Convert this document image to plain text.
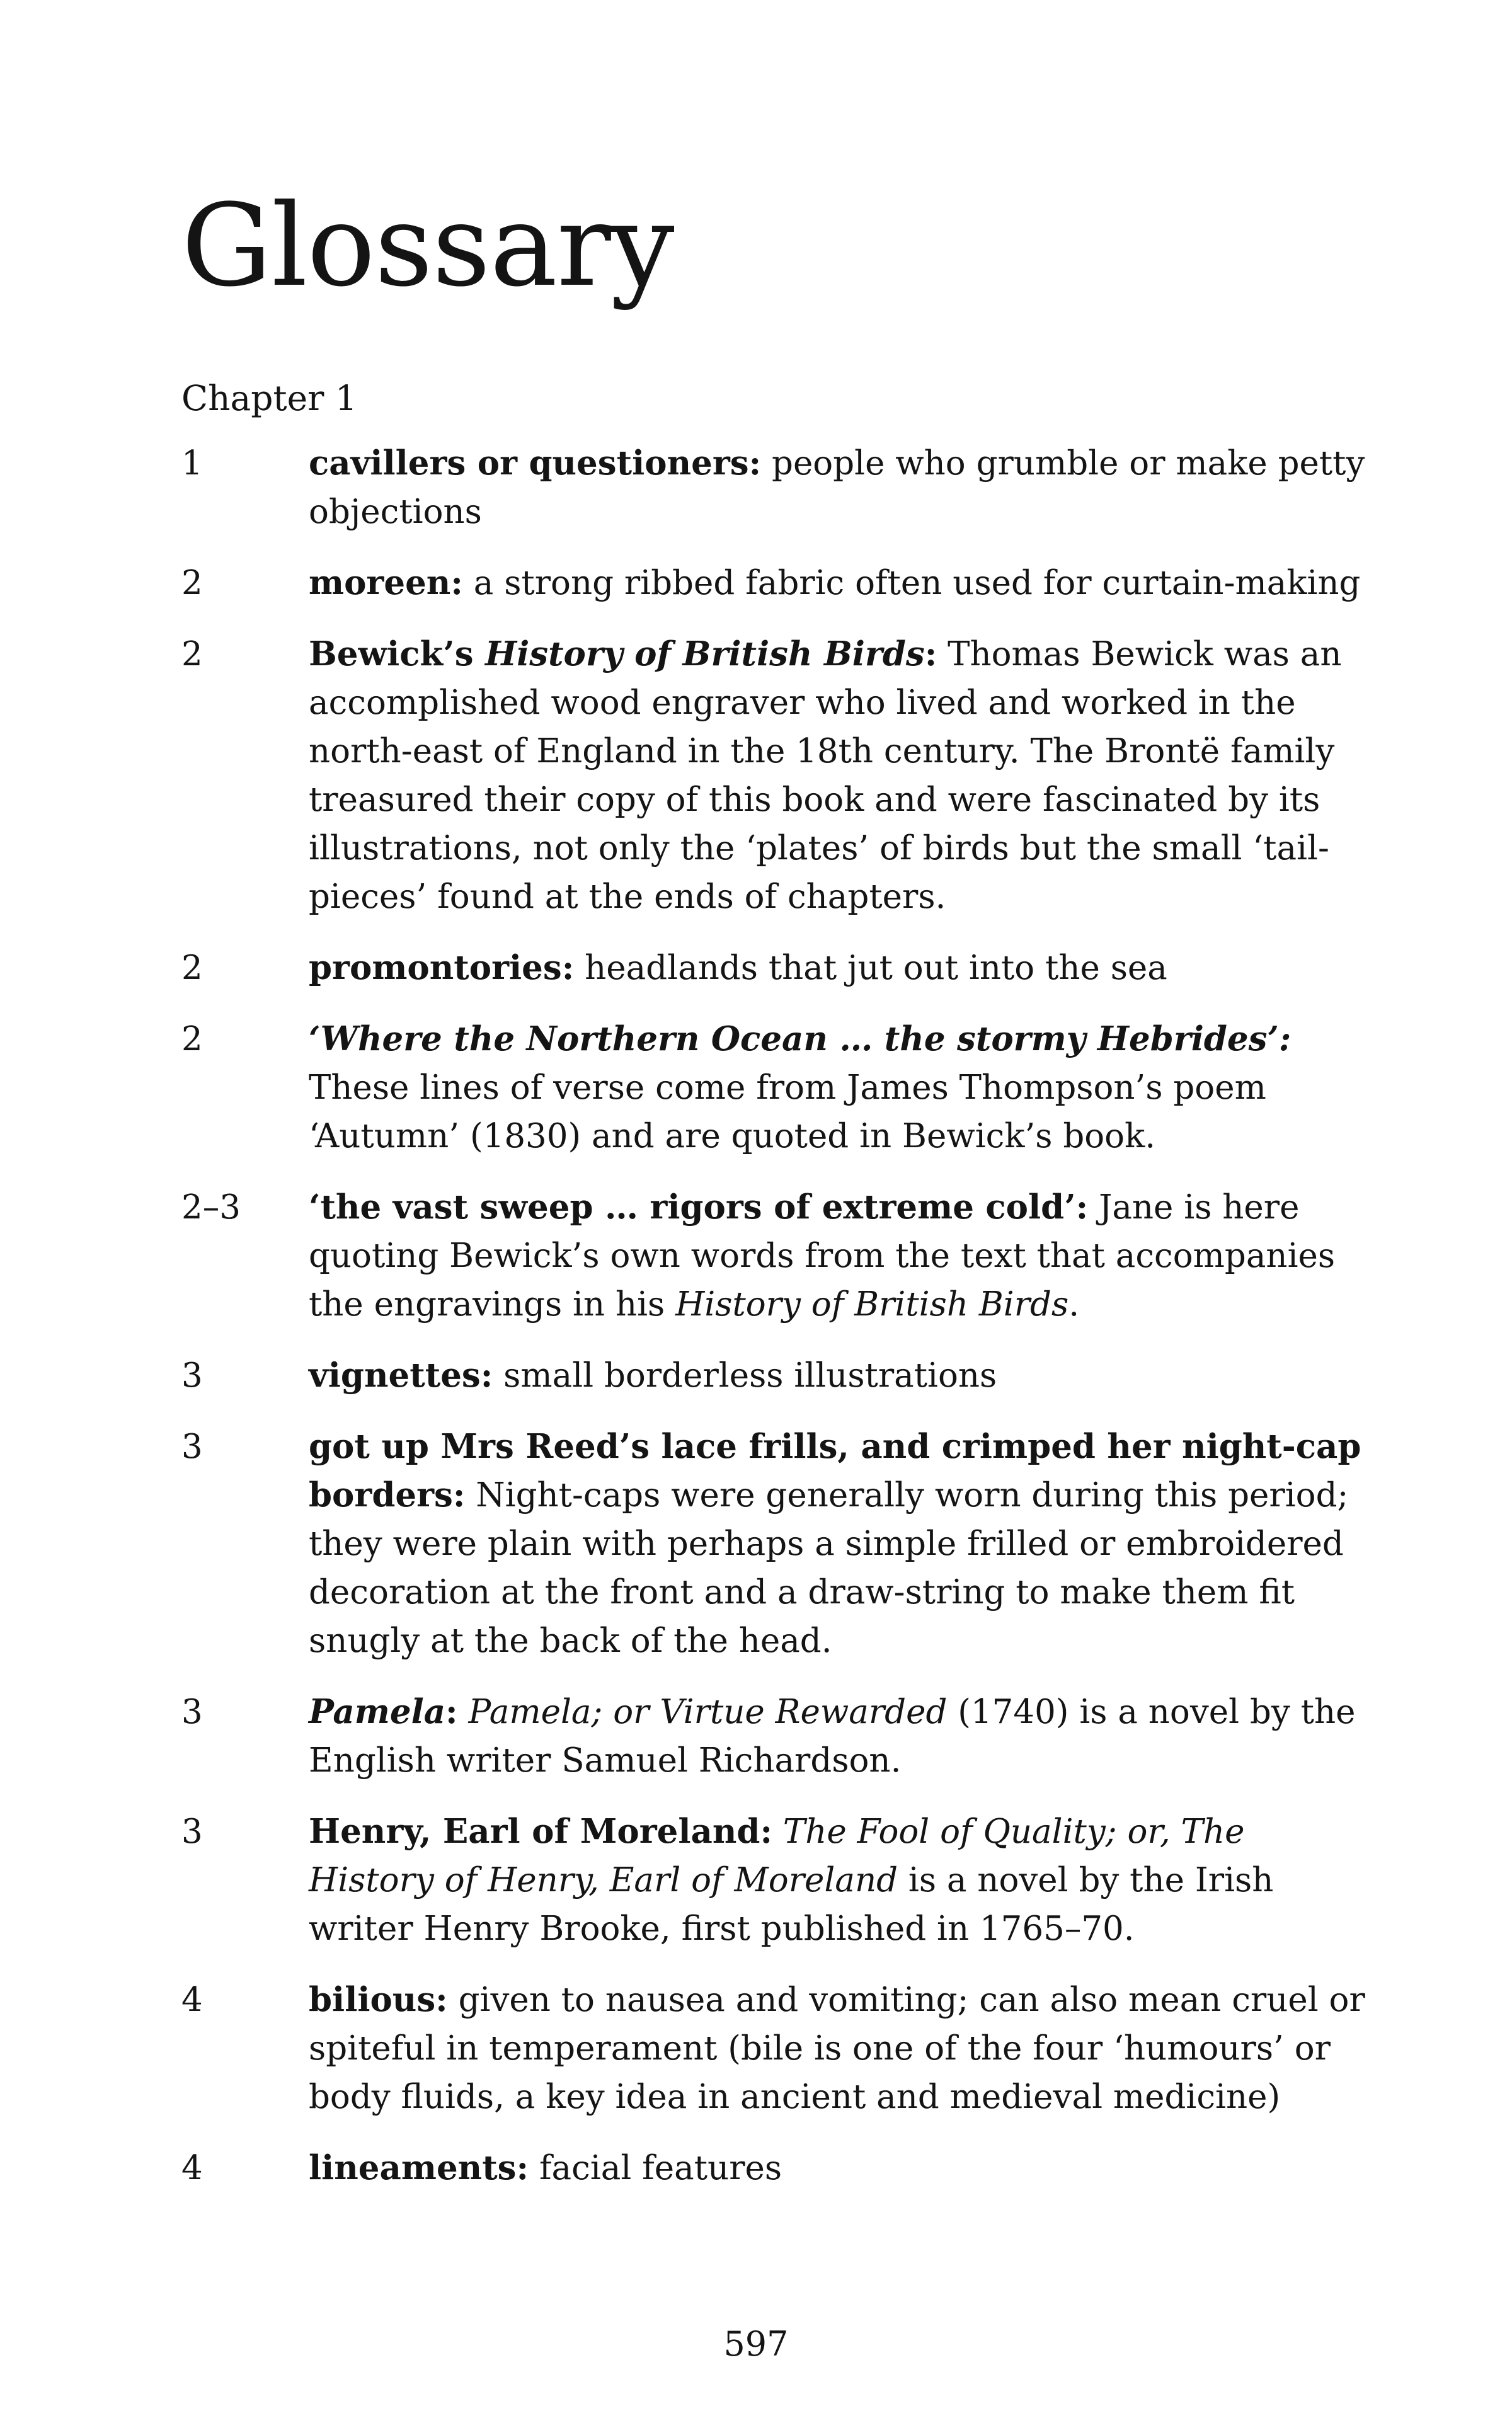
Glossary
Chapter 1
1	cavillers or questioners: people who grumble or make petty objections
2	moreen: a strong ribbed fabric often used for curtain-making
2	Bewick’s History of British Birds: Thomas Bewick was an accomplished wood engraver who lived and worked in the north-east of England in the 18th century. The Brontë family treasured their copy of this book and were fascinated by its illustrations, not only the ‘plates’ of birds but the small ‘tail-pieces’ found at the ends of chapters.
2	promontories: headlands that jut out into the sea
2	‘Where the Northern Ocean … the stormy Hebrides’: These lines of verse come from James Thompson’s poem ‘Autumn’ (1830) and are quoted in Bewick’s book.
2–3	‘the vast sweep … rigors of extreme cold’: Jane is here quoting Bewick’s own words from the text that accompanies the engravings in his History of British Birds.
3	vignettes: small borderless illustrations
3	got up Mrs Reed’s lace frills, and crimped her night-cap borders: Night-caps were generally worn during this period; they were plain with perhaps a simple frilled or embroidered decoration at the front and a draw-string to make them fit snugly at the back of the head.
3	Pamela: Pamela; or Virtue Rewarded (1740) is a novel by the English writer Samuel Richardson.
3	Henry, Earl of Moreland: The Fool of Quality; or, The History of Henry, Earl of Moreland is a novel by the Irish writer Henry Brooke, first published in 1765–70.
4	bilious: given to nausea and vomiting; can also mean cruel or spiteful in temperament (bile is one of the four ‘humours’ or body fluids, a key idea in ancient and medieval medicine)
4	lineaments: facial features
597
